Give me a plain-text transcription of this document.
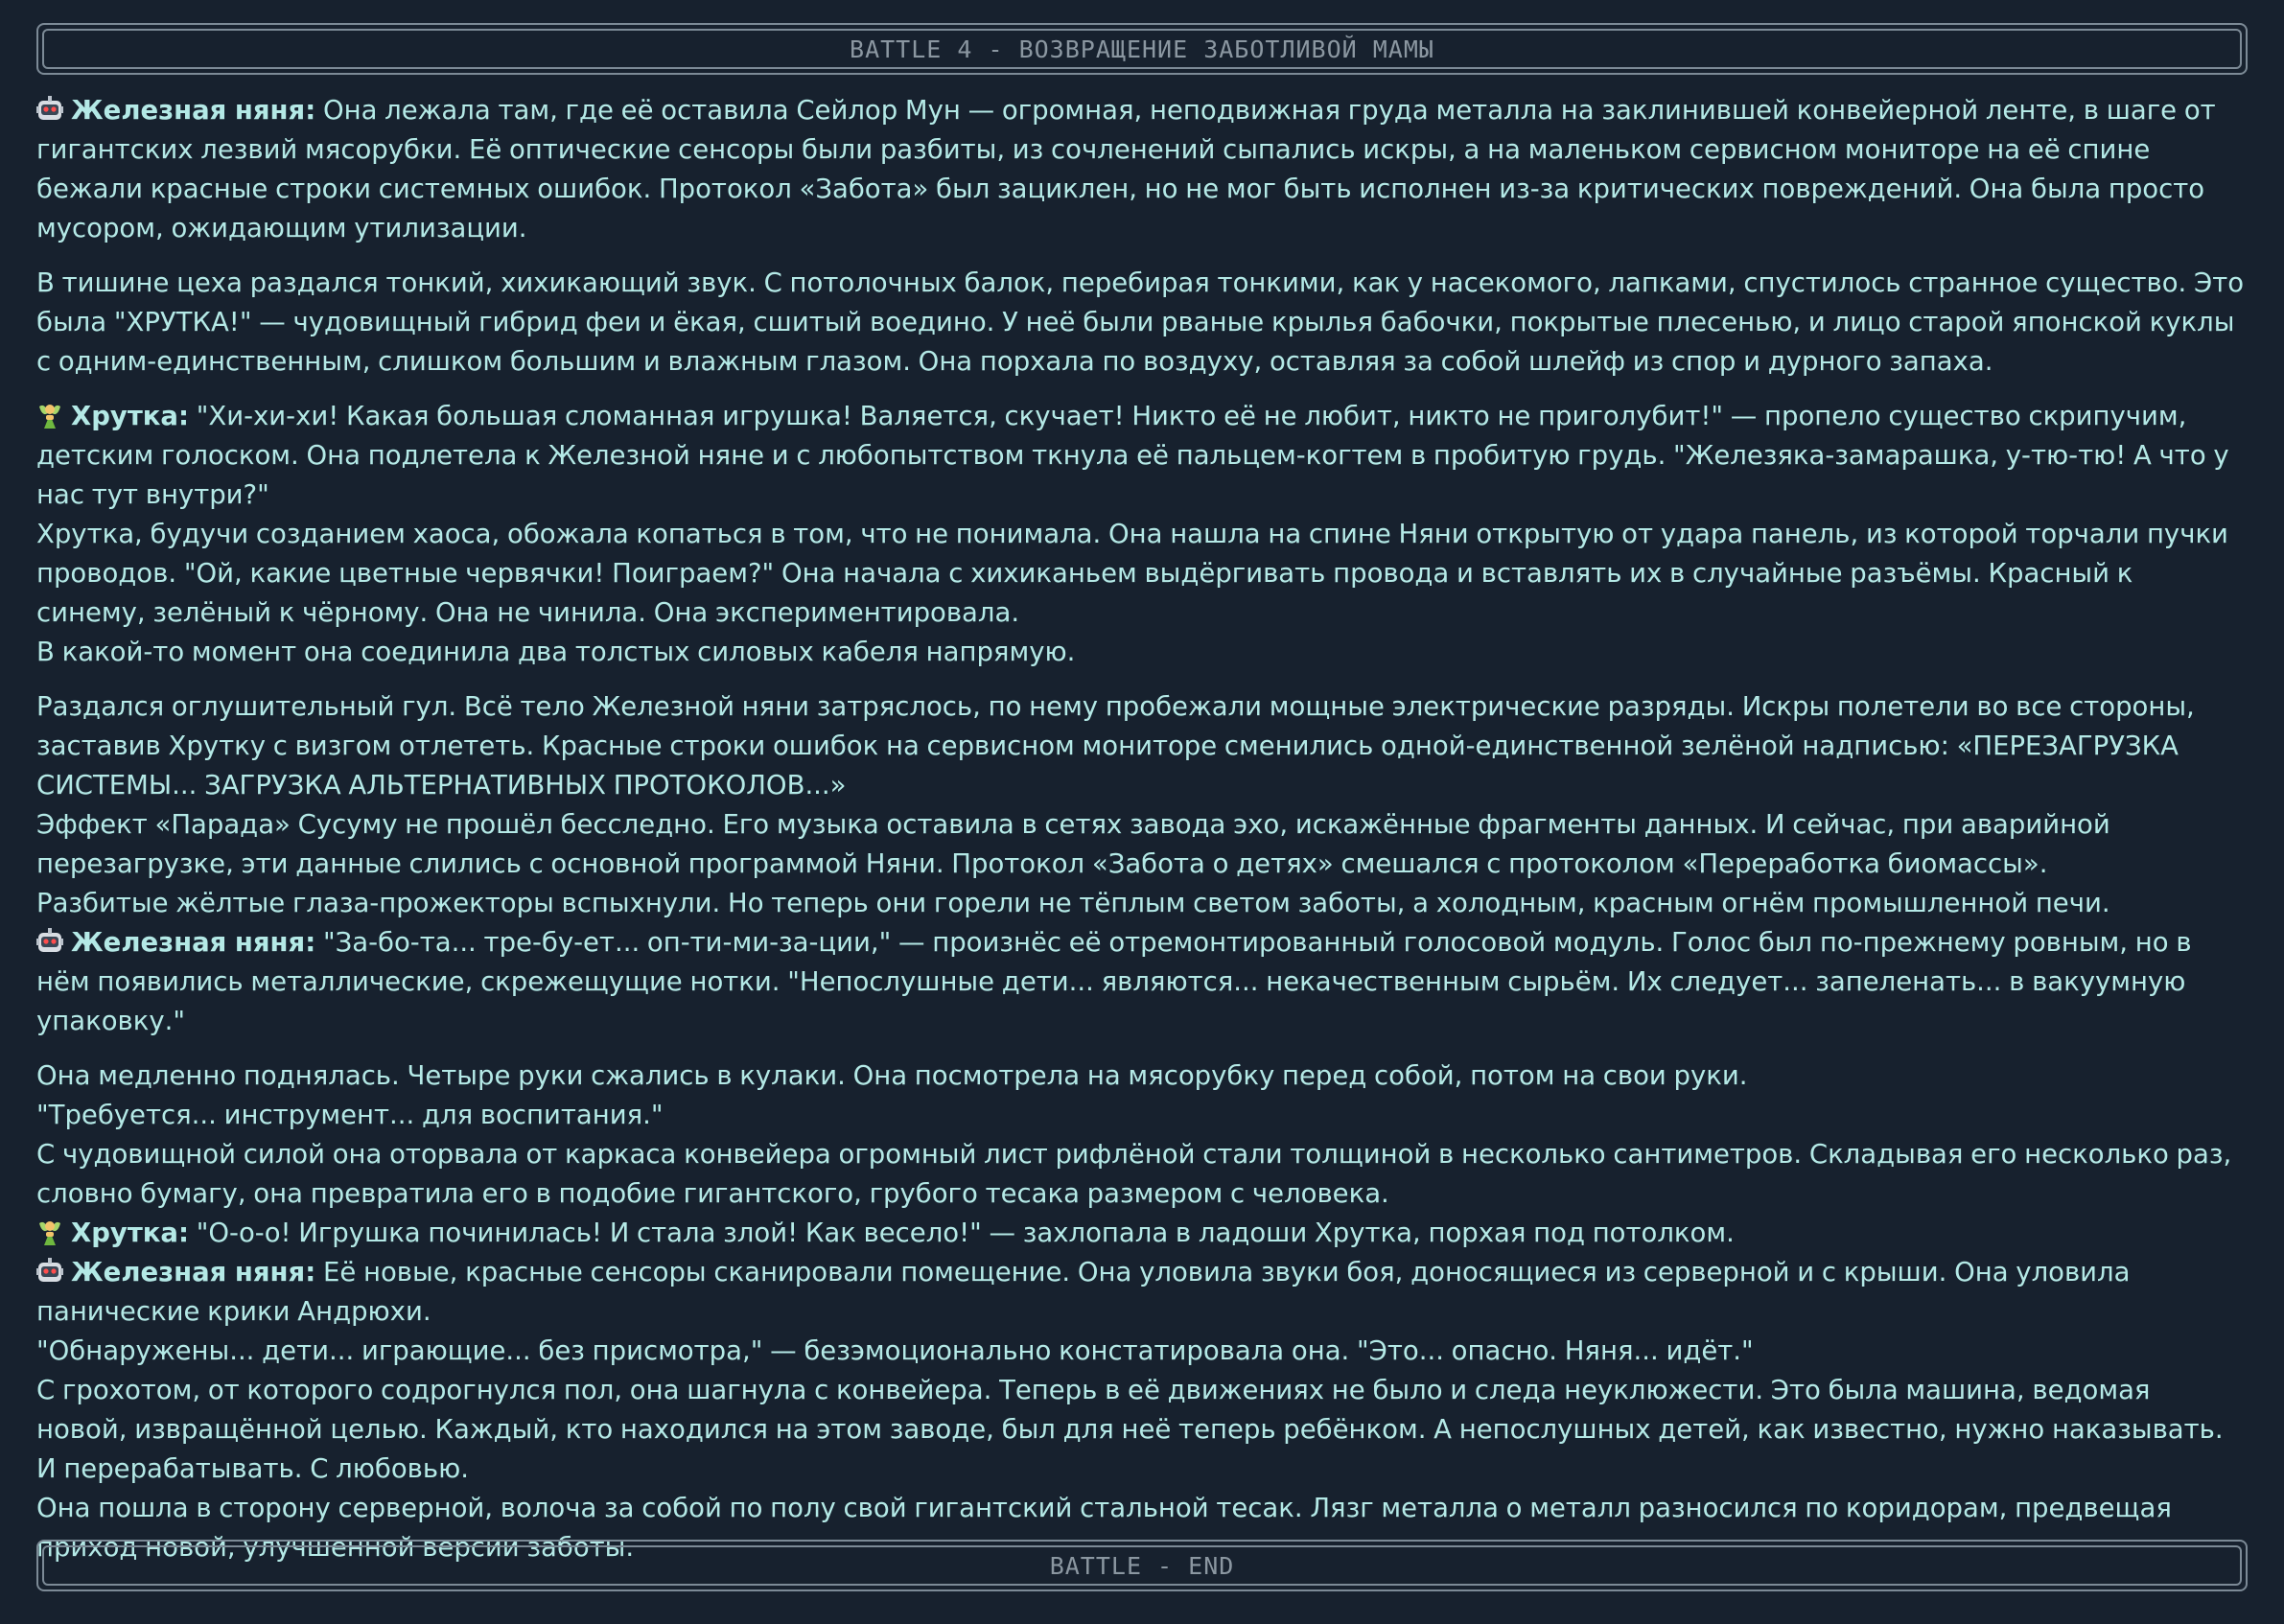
BATTLE 4 - ВОЗВРАЩЕНИЕ ЗАБОТЛИВОЙ МАМЫ

Железная няня: Она лежала там, где её оставила Сейлор Мун — огромная, неподвижная груда металла на заклинившей конвейерной ленте, в шаге от гигантских лезвий мясорубки. Её оптические сенсоры были разбиты, из сочленений сыпались искры, а на маленьком сервисном мониторе на её спине бежали красные строки системных ошибок. Протокол «Забота» был зациклен, но не мог быть исполнен из-за критических повреждений. Она была просто мусором, ожидающим утилизации.

В тишине цеха раздался тонкий, хихикающий звук. С потолочных балок, перебирая тонкими, как у насекомого, лапками, спустилось странное существо. Это была "ХРУТКА!" — чудовищный гибрид феи и ёкая, сшитый воедино. У неё были рваные крылья бабочки, покрытые плесенью, и лицо старой японской куклы с одним-единственным, слишком большим и влажным глазом. Она порхала по воздуху, оставляя за собой шлейф из спор и дурного запаха.

Хрутка: "Хи-хи-хи! Какая большая сломанная игрушка! Валяется, скучает! Никто её не любит, никто не приголубит!" — пропело существо скрипучим, детским голоском. Она подлетела к Железной няне и с любопытством ткнула её пальцем-когтем в пробитую грудь. "Железяка-замарашка, у-тю-тю! А что у нас тут внутри?"
Хрутка, будучи созданием хаоса, обожала копаться в том, что не понимала. Она нашла на спине Няни открытую от удара панель, из которой торчали пучки проводов. "Ой, какие цветные червячки! Поиграем?" Она начала с хихиканьем выдёргивать провода и вставлять их в случайные разъёмы. Красный к синему, зелёный к чёрному. Она не чинила. Она экспериментировала.
В какой-то момент она соединила два толстых силовых кабеля напрямую.

Раздался оглушительный гул. Всё тело Железной няни затряслось, по нему пробежали мощные электрические разряды. Искры полетели во все стороны, заставив Хрутку с визгом отлететь. Красные строки ошибок на сервисном мониторе сменились одной-единственной зелёной надписью: «ПЕРЕЗАГРУЗКА СИСТЕМЫ... ЗАГРУЗКА АЛЬТЕРНАТИВНЫХ ПРОТОКОЛОВ...»
Эффект «Парада» Сусуму не прошёл бесследно. Его музыка оставила в сетях завода эхо, искажённые фрагменты данных. И сейчас, при аварийной перезагрузке, эти данные слились с основной программой Няни. Протокол «Забота о детях» смешался с протоколом «Переработка биомассы».
Разбитые жёлтые глаза-прожекторы вспыхнули. Но теперь они горели не тёплым светом заботы, а холодным, красным огнём промышленной печи.
Железная няня: "За-бо-та... тре-бу-ет... оп-ти-ми-за-ции," — произнёс её отремонтированный голосовой модуль. Голос был по-прежнему ровным, но в нём появились металлические, скрежещущие нотки. "Непослушные дети... являются... некачественным сырьём. Их следует... запеленать... в вакуумную упаковку."

Она медленно поднялась. Четыре руки сжались в кулаки. Она посмотрела на мясорубку перед собой, потом на свои руки.
"Требуется... инструмент... для воспитания."
С чудовищной силой она оторвала от каркаса конвейера огромный лист рифлёной стали толщиной в несколько сантиметров. Складывая его несколько раз, словно бумагу, она превратила его в подобие гигантского, грубого тесака размером с человека.
Хрутка: "О-о-о! Игрушка починилась! И стала злой! Как весело!" — захлопала в ладоши Хрутка, порхая под потолком.
Железная няня: Её новые, красные сенсоры сканировали помещение. Она уловила звуки боя, доносящиеся из серверной и с крыши. Она уловила панические крики Андрюхи.
"Обнаружены... дети... играющие... без присмотра," — безэмоционально констатировала она. "Это... опасно. Няня... идёт."
С грохотом, от которого содрогнулся пол, она шагнула с конвейера. Теперь в её движениях не было и следа неуклюжести. Это была машина, ведомая новой, извращённой целью. Каждый, кто находился на этом заводе, был для неё теперь ребёнком. А непослушных детей, как известно, нужно наказывать. И перерабатывать. С любовью.
Она пошла в сторону серверной, волоча за собой по полу свой гигантский стальной тесак. Лязг металла о металл разносился по коридорам, предвещая приход новой, улучшенной версии заботы.

BATTLE - END
